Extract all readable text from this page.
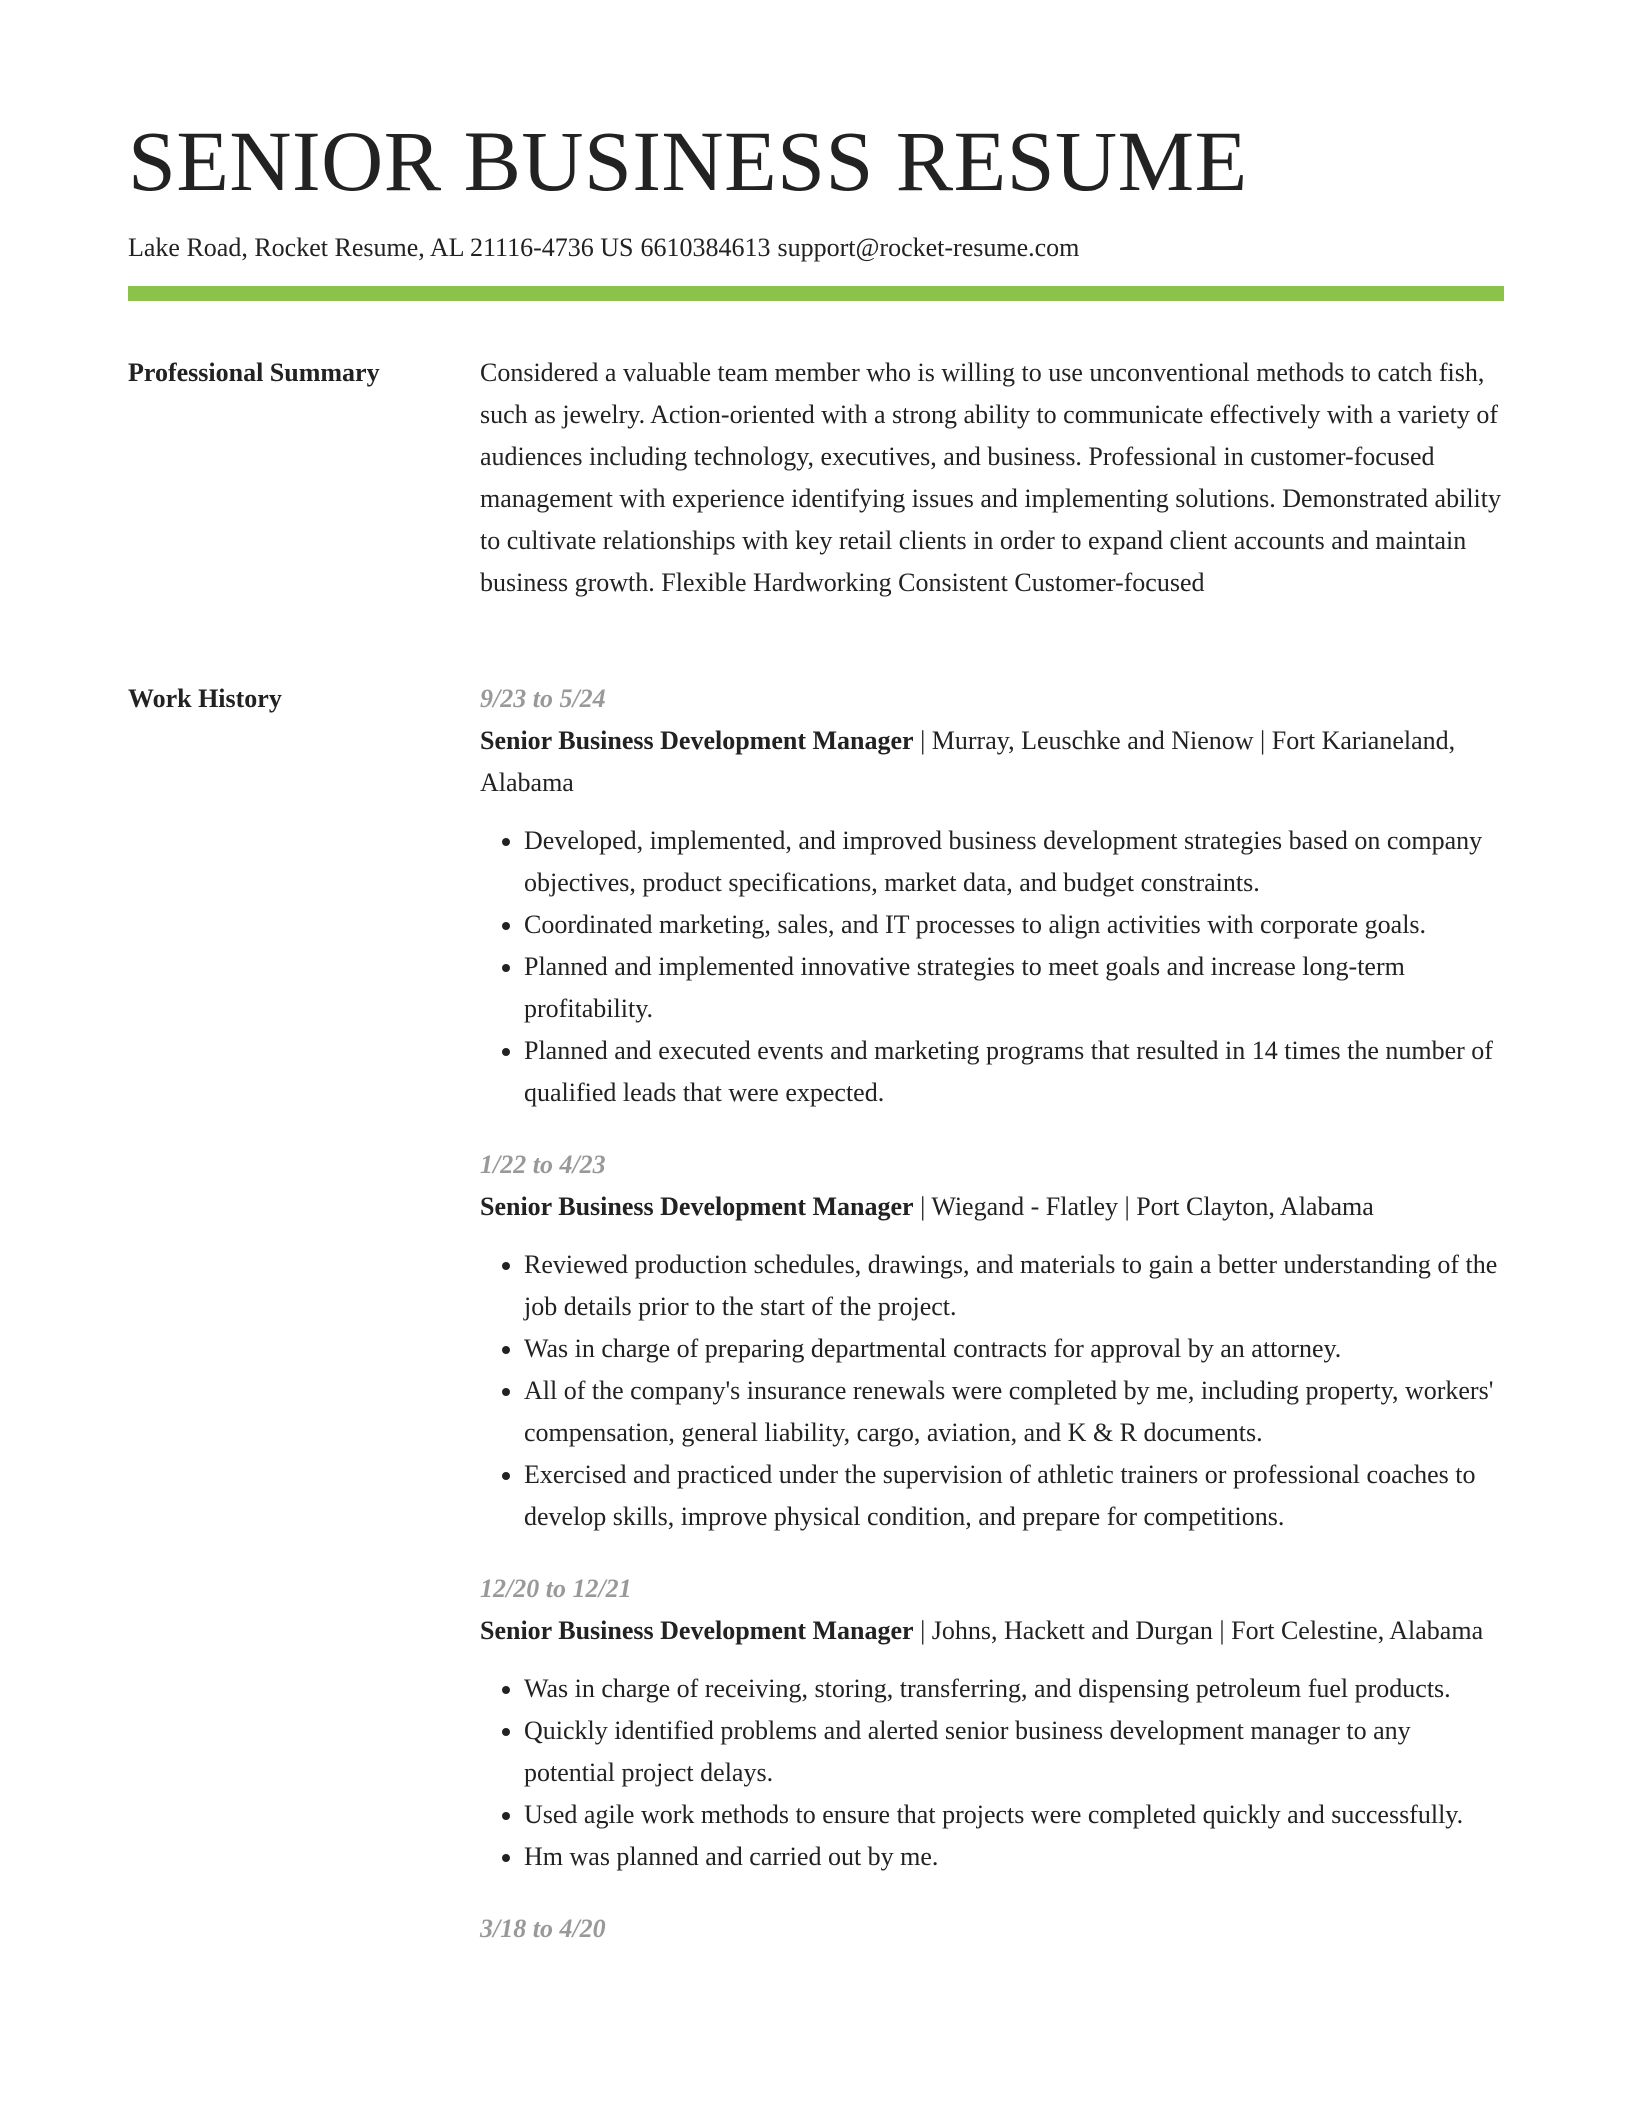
SENIOR BUSINESS RESUME
Lake Road, Rocket Resume, AL 21116-4736 US 6610384613 support@rocket-resume.com
Professional Summary	Considered a valuable team member who is willing to use unconventional methods to catch fish, such as jewelry. Action-oriented with a strong ability to communicate effectively with a variety of audiences including technology, executives, and business. Professional in customer-focused management with experience identifying issues and implementing solutions. Demonstrated ability to cultivate relationships with key retail clients in order to expand client accounts and maintain business growth. Flexible Hardworking Consistent Customer-focused

Work History	9/23 to 5/24
Senior Business Development Manager | Murray, Leuschke and Nienow | Fort Karianeland, Alabama
• Developed, implemented, and improved business development strategies based on company objectives, product specifications, market data, and budget constraints.
• Coordinated marketing, sales, and IT processes to align activities with corporate goals.
• Planned and implemented innovative strategies to meet goals and increase long-term profitability.
• Planned and executed events and marketing programs that resulted in 14 times the number of qualified leads that were expected.
1/22 to 4/23
Senior Business Development Manager | Wiegand - Flatley | Port Clayton, Alabama
• Reviewed production schedules, drawings, and materials to gain a better understanding of the job details prior to the start of the project.
• Was in charge of preparing departmental contracts for approval by an attorney.
• All of the company's insurance renewals were completed by me, including property, workers' compensation, general liability, cargo, aviation, and K & R documents.
• Exercised and practiced under the supervision of athletic trainers or professional coaches to develop skills, improve physical condition, and prepare for competitions.
12/20 to 12/21
Senior Business Development Manager | Johns, Hackett and Durgan | Fort Celestine, Alabama
• Was in charge of receiving, storing, transferring, and dispensing petroleum fuel products.
• Quickly identified problems and alerted senior business development manager to any potential project delays.
• Used agile work methods to ensure that projects were completed quickly and successfully.
• Hm was planned and carried out by me.
3/18 to 4/20
